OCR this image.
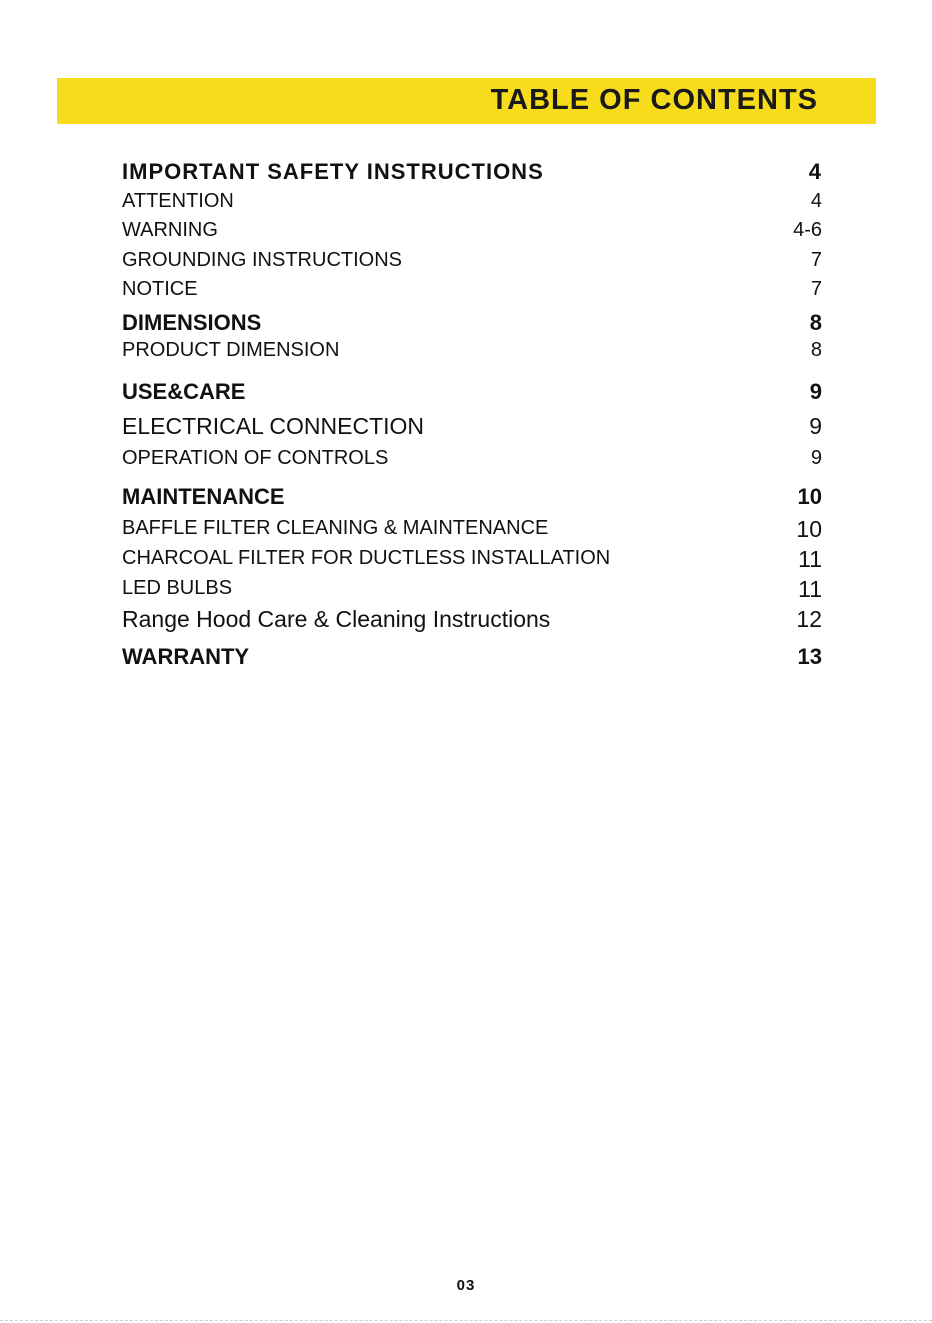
TABLE OF CONTENTS
IMPORTANT SAFETY INSTRUCTIONS	4
ATTENTION	4
WARNING	4-6
GROUNDING INSTRUCTIONS	7
NOTICE	7
DIMENSIONS	8
PRODUCT DIMENSION	8
USE&CARE	9
ELECTRICAL CONNECTION	9
OPERATION OF CONTROLS	9
MAINTENANCE	10
BAFFLE FILTER CLEANING & MAINTENANCE	10
CHARCOAL FILTER FOR DUCTLESS INSTALLATION	11
LED BULBS	11
Range Hood Care & Cleaning Instructions	12
WARRANTY	13
03
